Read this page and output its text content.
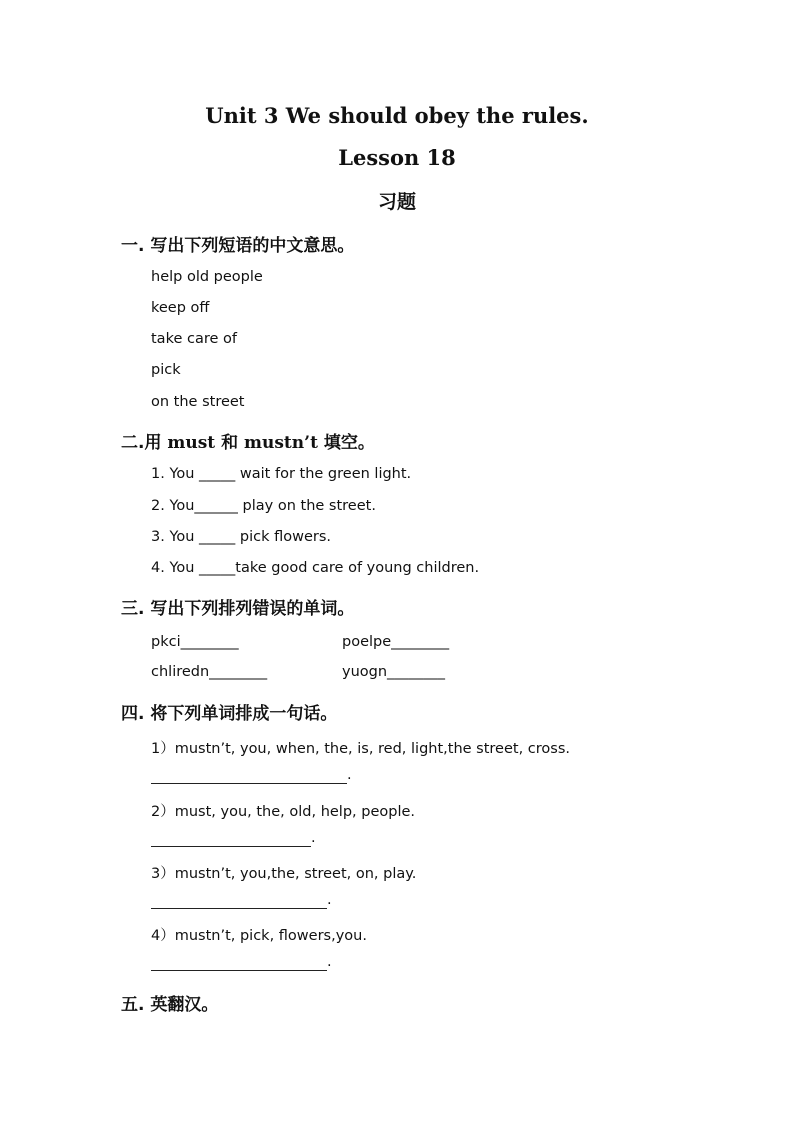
Unit 3 We should obey the rules.
Lesson 18
习题
一. 写出下列短语的中文意思。
help old people
keep off
take care of
pick
on the street
二.用 must 和 mustn’t 填空。
1. You _____ wait for the green light.
2. You______ play on the street.
3. You _____ pick flowers.
4. You _____take good care of young children.
三. 写出下列排列错误的单词。
pkci________	poelpe________
chliredn________	yuogn________
四. 将下列单词排成一句话。
1）mustn’t, you, when, the, is, red, light,the street, cross.
.
2）must, you, the, old, help, people.
.
3）mustn’t, you,the, street, on, play.
.
4）mustn’t, pick, flowers,you.
.
五. 英翻汉。
